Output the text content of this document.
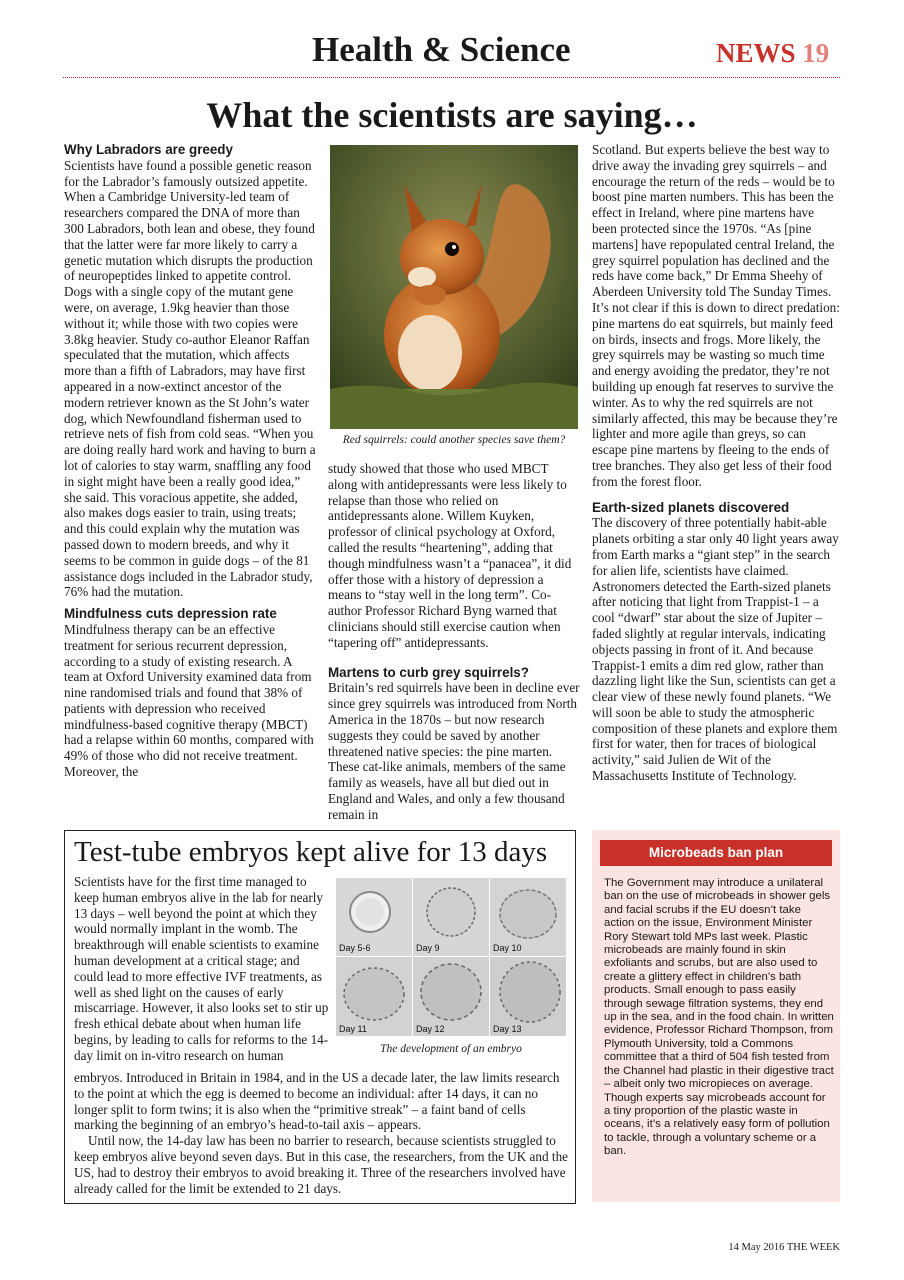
Health & Science	NEWS 19
What the scientists are saying…

Why Labradors are greedy

Scientists have found a possible genetic reason for the Labrador’s famously outsized appetite. When a Cambridge University-led team of researchers compared the DNA of more than 300 Labradors, both lean and obese, they found that the latter were far more likely to carry a genetic mutation which disrupts the production of neuropeptides linked to appetite control. Dogs with a single copy of the mutant gene were, on average, 1.9kg heavier than those without it; while those with two copies were 3.8kg heavier. Study co-author Eleanor Raffan speculated that the mutation, which affects more than a fifth of Labradors, may have first appeared in a now-extinct ancestor of the modern retriever known as the St John’s water dog, which Newfoundland fisherman used to retrieve nets of fish from cold seas. “When you are doing really hard work and having to burn a lot of calories to stay warm, snaffling any food in sight might have been a really good idea,” she said. This voracious appetite, she added, also makes dogs easier to train, using treats; and this could explain why the mutation was passed down to modern breeds, and why it seems to be common in guide dogs – of the 81 assistance dogs included in the Labrador study, 76% had the mutation.

Mindfulness cuts depression rate

Mindfulness therapy can be an effective treatment for serious recurrent depression, according to a study of existing research. A team at Oxford University examined data from nine randomised trials and found that 38% of patients with depression who received mindfulness-based cognitive therapy (MBCT) had a relapse within 60 months, compared with 49% of those who did not receive treatment. Moreover, the

Red squirrels: could another species save them?

study showed that those who used MBCT along with antidepressants were less likely to relapse than those who relied on antidepressants alone. Willem Kuyken, professor of clinical psychology at Oxford, called the results “heartening”, adding that though mindfulness wasn’t a “panacea”, it did offer those with a history of depression a means to “stay well in the long term”. Co-author Professor Richard Byng warned that clinicians should still exercise caution when “tapering off” antidepressants.

Martens to curb grey squirrels?

Britain’s red squirrels have been in decline ever since grey squirrels was introduced from North America in the 1870s – but now research suggests they could be saved by another threatened native species: the pine marten. These cat-like animals, members of the same family as weasels, have all but died out in England and Wales, and only a few thousand remain in

Scotland. But experts believe the best way to drive away the invading grey squirrels – and encourage the return of the reds – would be to boost pine marten numbers. This has been the effect in Ireland, where pine martens have been protected since the 1970s. “As [pine martens] have repopulated central Ireland, the grey squirrel population has declined and the reds have come back,” Dr Emma Sheehy of Aberdeen University told The Sunday Times. It’s not clear if this is down to direct predation: pine martens do eat squirrels, but mainly feed on birds, insects and frogs. More likely, the grey squirrels may be wasting so much time and energy avoiding the predator, they’re not building up enough fat reserves to survive the winter. As to why the red squirrels are not similarly affected, this may be because they’re lighter and more agile than greys, so can escape pine martens by fleeing to the ends of tree branches. They also get less of their food from the forest floor.

Earth-sized planets discovered

The discovery of three potentially habit-able planets orbiting a star only 40 light years away from Earth marks a “giant step” in the search for alien life, scientists have claimed. Astronomers detected the Earth-sized planets after noticing that light from Trappist-1 – a cool “dwarf” star about the size of Jupiter – faded slightly at regular intervals, indicating objects passing in front of it. And because Trappist-1 emits a dim red glow, rather than dazzling light like the Sun, scientists can get a clear view of these newly found planets. “We will soon be able to study the atmospheric composition of these planets and explore them first for water, then for traces of biological activity,” said Julien de Wit of the Massachusetts Institute of Technology.

Test-tube embryos kept alive for 13 days
Scientists have for the first time managed to keep human embryos alive in the lab for nearly 13 days – well beyond the point at which they would normally implant in the womb. The breakthrough will enable scientists to examine human development at a critical stage; and could lead to more effective IVF treatments, as well as shed light on the causes of early miscarriage. However, it also looks set to stir up fresh ethical debate about when human life begins, by leading to calls for reforms to the 14-day limit on in-vitro research on human
Day 5-6	Day 9	Day 10
Day 11	Day 12	Day 13
The development of an embryo

embryos. Introduced in Britain in 1984, and in the US a decade later, the law limits research to the point at which the egg is deemed to become an individual: after 14 days, it can no longer split to form twins; it is also when the “primitive streak” – a faint band of cells marking the beginning of an embryo’s head-to-tail axis – appears.

Until now, the 14-day law has been no barrier to research, because scientists struggled to keep embryos alive beyond seven days. But in this case, the researchers, from the UK and the US, had to destroy their embryos to avoid breaking it. Three of the researchers involved have already called for the limit be extended to 21 days.

Microbeads ban plan
The Government may introduce a unilateral ban on the use of microbeads in shower gels and facial scrubs if the EU doesn’t take action on the issue, Environment Minister Rory Stewart told MPs last week. Plastic microbeads are mainly found in skin exfoliants and scrubs, but are also used to create a glittery effect in children’s bath products. Small enough to pass easily through sewage filtration systems, they end up in the sea, and in the food chain. In written evidence, Professor Richard Thompson, from Plymouth University, told a Commons committee that a third of 504 fish tested from the Channel had plastic in their digestive tract – albeit only two micropieces on average. Though experts say microbeads account for a tiny proportion of the plastic waste in oceans, it’s a relatively easy form of pollution to tackle, through a voluntary scheme or a ban.
14 May 2016 THE WEEK
